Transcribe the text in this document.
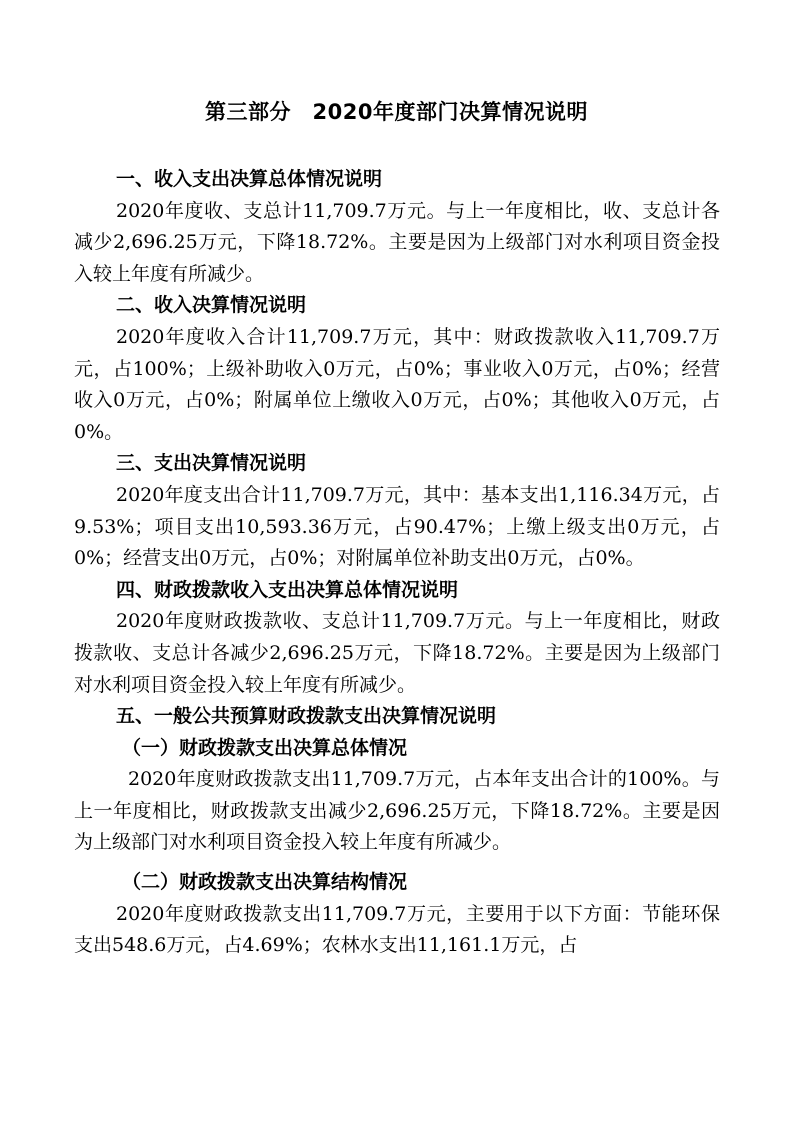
第三部分　2020年度部门决算情况说明
一、收入支出决算总体情况说明
2020年度收、支总计11,709.7万元。与上一年度相比，收、支总计各减少2,696.25万元，下降18.72%。主要是因为上级部门对水利项目资金投入较上年度有所减少。
二、收入决算情况说明
2020年度收入合计11,709.7万元，其中：财政拨款收入11,709.7万元，占100%；上级补助收入0万元，占0%；事业收入0万元，占0%；经营收入0万元，占0%；附属单位上缴收入0万元，占0%；其他收入0万元，占0%。
三、支出决算情况说明
2020年度支出合计11,709.7万元，其中：基本支出1,116.34万元，占9.53%；项目支出10,593.36万元，占90.47%；上缴上级支出0万元，占0%；经营支出0万元，占0%；对附属单位补助支出0万元，占0%。
四、财政拨款收入支出决算总体情况说明
2020年度财政拨款收、支总计11,709.7万元。与上一年度相比，财政拨款收、支总计各减少2,696.25万元，下降18.72%。主要是因为上级部门对水利项目资金投入较上年度有所减少。
五、一般公共预算财政拨款支出决算情况说明
（一）财政拨款支出决算总体情况
2020年度财政拨款支出11,709.7万元，占本年支出合计的100%。与上一年度相比，财政拨款支出减少2,696.25万元，下降18.72%。主要是因为上级部门对水利项目资金投入较上年度有所减少。
（二）财政拨款支出决算结构情况
2020年度财政拨款支出11,709.7万元，主要用于以下方面：节能环保支出548.6万元，占4.69%；农林水支出11,161.1万元，占
